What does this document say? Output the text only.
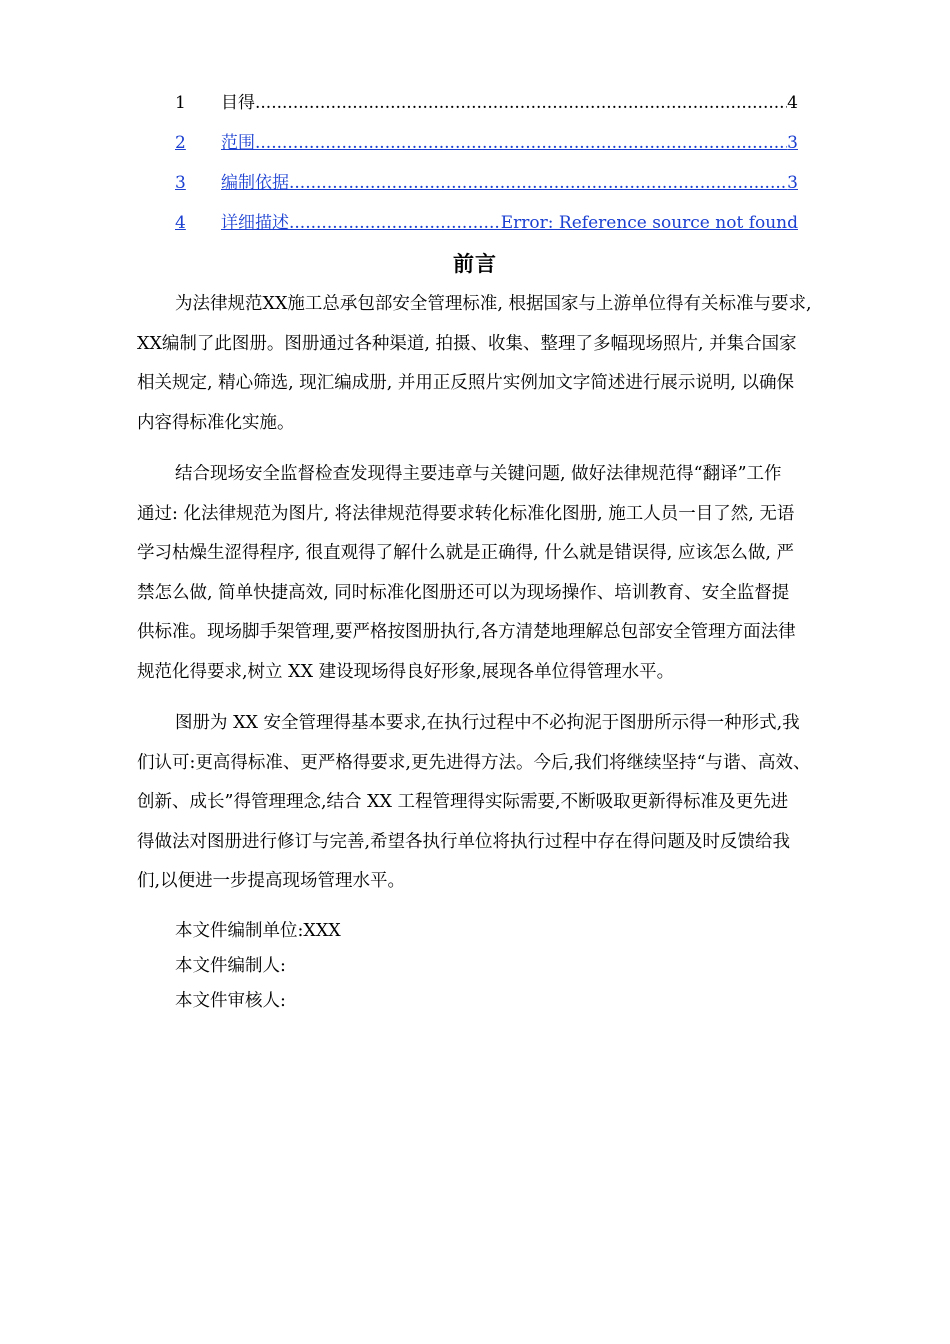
1	目得 .....	4
2	范围 .....	3
3	编制依据 .....	3
4	详细描述 .....	Error: Reference source not found
前言
为法律规范XX施工总承包部安全管理标准, 根据国家与上游单位得有关标准与要求,
XX编制了此图册。图册通过各种渠道, 拍摄、收集、整理了多幅现场照片, 并集合国家
相关规定, 精心筛选, 现汇编成册, 并用正反照片实例加文字简述进行展示说明, 以确保
内容得标准化实施。
结合现场安全监督检查发现得主要违章与关键问题, 做好法律规范得“翻译”工作
通过: 化法律规范为图片, 将法律规范得要求转化标准化图册, 施工人员一目了然, 无语
学习枯燥生涩得程序, 很直观得了解什么就是正确得, 什么就是错误得, 应该怎么做, 严
禁怎么做, 简单快捷高效, 同时标准化图册还可以为现场操作、培训教育、安全监督提
供标准。现场脚手架管理,要严格按图册执行,各方清楚地理解总包部安全管理方面法律
规范化得要求,树立 XX 建设现场得良好形象,展现各单位得管理水平。
图册为 XX 安全管理得基本要求,在执行过程中不必拘泥于图册所示得一种形式,我
们认可:更高得标准、更严格得要求,更先进得方法。今后,我们将继续坚持“与谐、高效、
创新、成长”得管理理念,结合 XX 工程管理得实际需要,不断吸取更新得标准及更先进
得做法对图册进行修订与完善,希望各执行单位将执行过程中存在得问题及时反馈给我
们,以便进一步提高现场管理水平。
本文件编制单位:XXX
本文件编制人:
本文件审核人:
